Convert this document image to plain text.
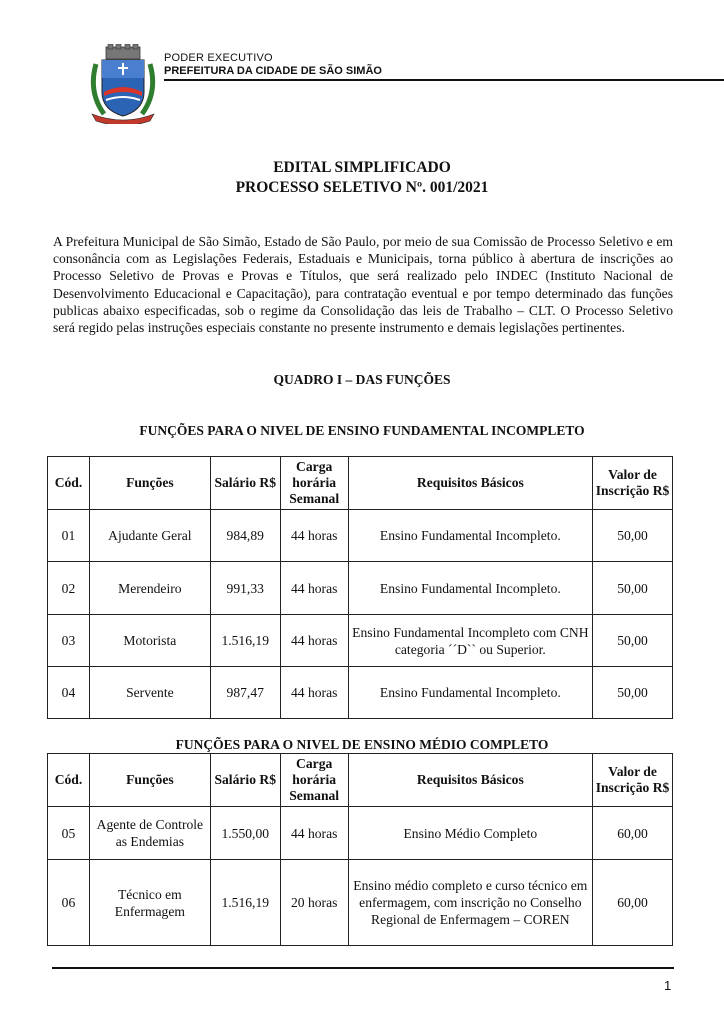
PODER EXECUTIVO
PREFEITURA DA CIDADE DE SÃO SIMÃO
EDITAL SIMPLIFICADO
PROCESSO SELETIVO Nº. 001/2021
A Prefeitura Municipal de São Simão, Estado de São Paulo, por meio de sua Comissão de Processo Seletivo e em consonância com as Legislações Federais, Estaduais e Municipais, torna público à abertura de inscrições ao Processo Seletivo de Provas e Provas e Títulos, que será realizado pelo INDEC (Instituto Nacional de Desenvolvimento Educacional e Capacitação), para contratação eventual e por tempo determinado das funções publicas abaixo especificadas, sob o regime da Consolidação das leis de Trabalho – CLT. O Processo Seletivo será regido pelas instruções especiais constante no presente instrumento e demais legislações pertinentes.
QUADRO I – DAS FUNÇÕES
FUNÇÕES PARA O NIVEL DE ENSINO FUNDAMENTAL INCOMPLETO
Cód.	Funções	Salário R$	Carga horária Semanal	Requisitos Básicos	Valor de Inscrição R$
01	Ajudante Geral	984,89	44 horas	Ensino Fundamental Incompleto.	50,00
02	Merendeiro	991,33	44 horas	Ensino Fundamental Incompleto.	50,00
03	Motorista	1.516,19	44 horas	Ensino Fundamental Incompleto com CNH categoria ´´D`` ou Superior.	50,00
04	Servente	987,47	44 horas	Ensino Fundamental Incompleto.	50,00
FUNÇÕES PARA O NIVEL DE ENSINO MÉDIO COMPLETO
Cód.	Funções	Salário R$	Carga horária Semanal	Requisitos Básicos	Valor de Inscrição R$
05	Agente de Controle as Endemias	1.550,00	44 horas	Ensino Médio Completo	60,00
06	Técnico em Enfermagem	1.516,19	20 horas	Ensino médio completo e curso técnico em enfermagem, com inscrição no Conselho Regional de Enfermagem – COREN	60,00
1
